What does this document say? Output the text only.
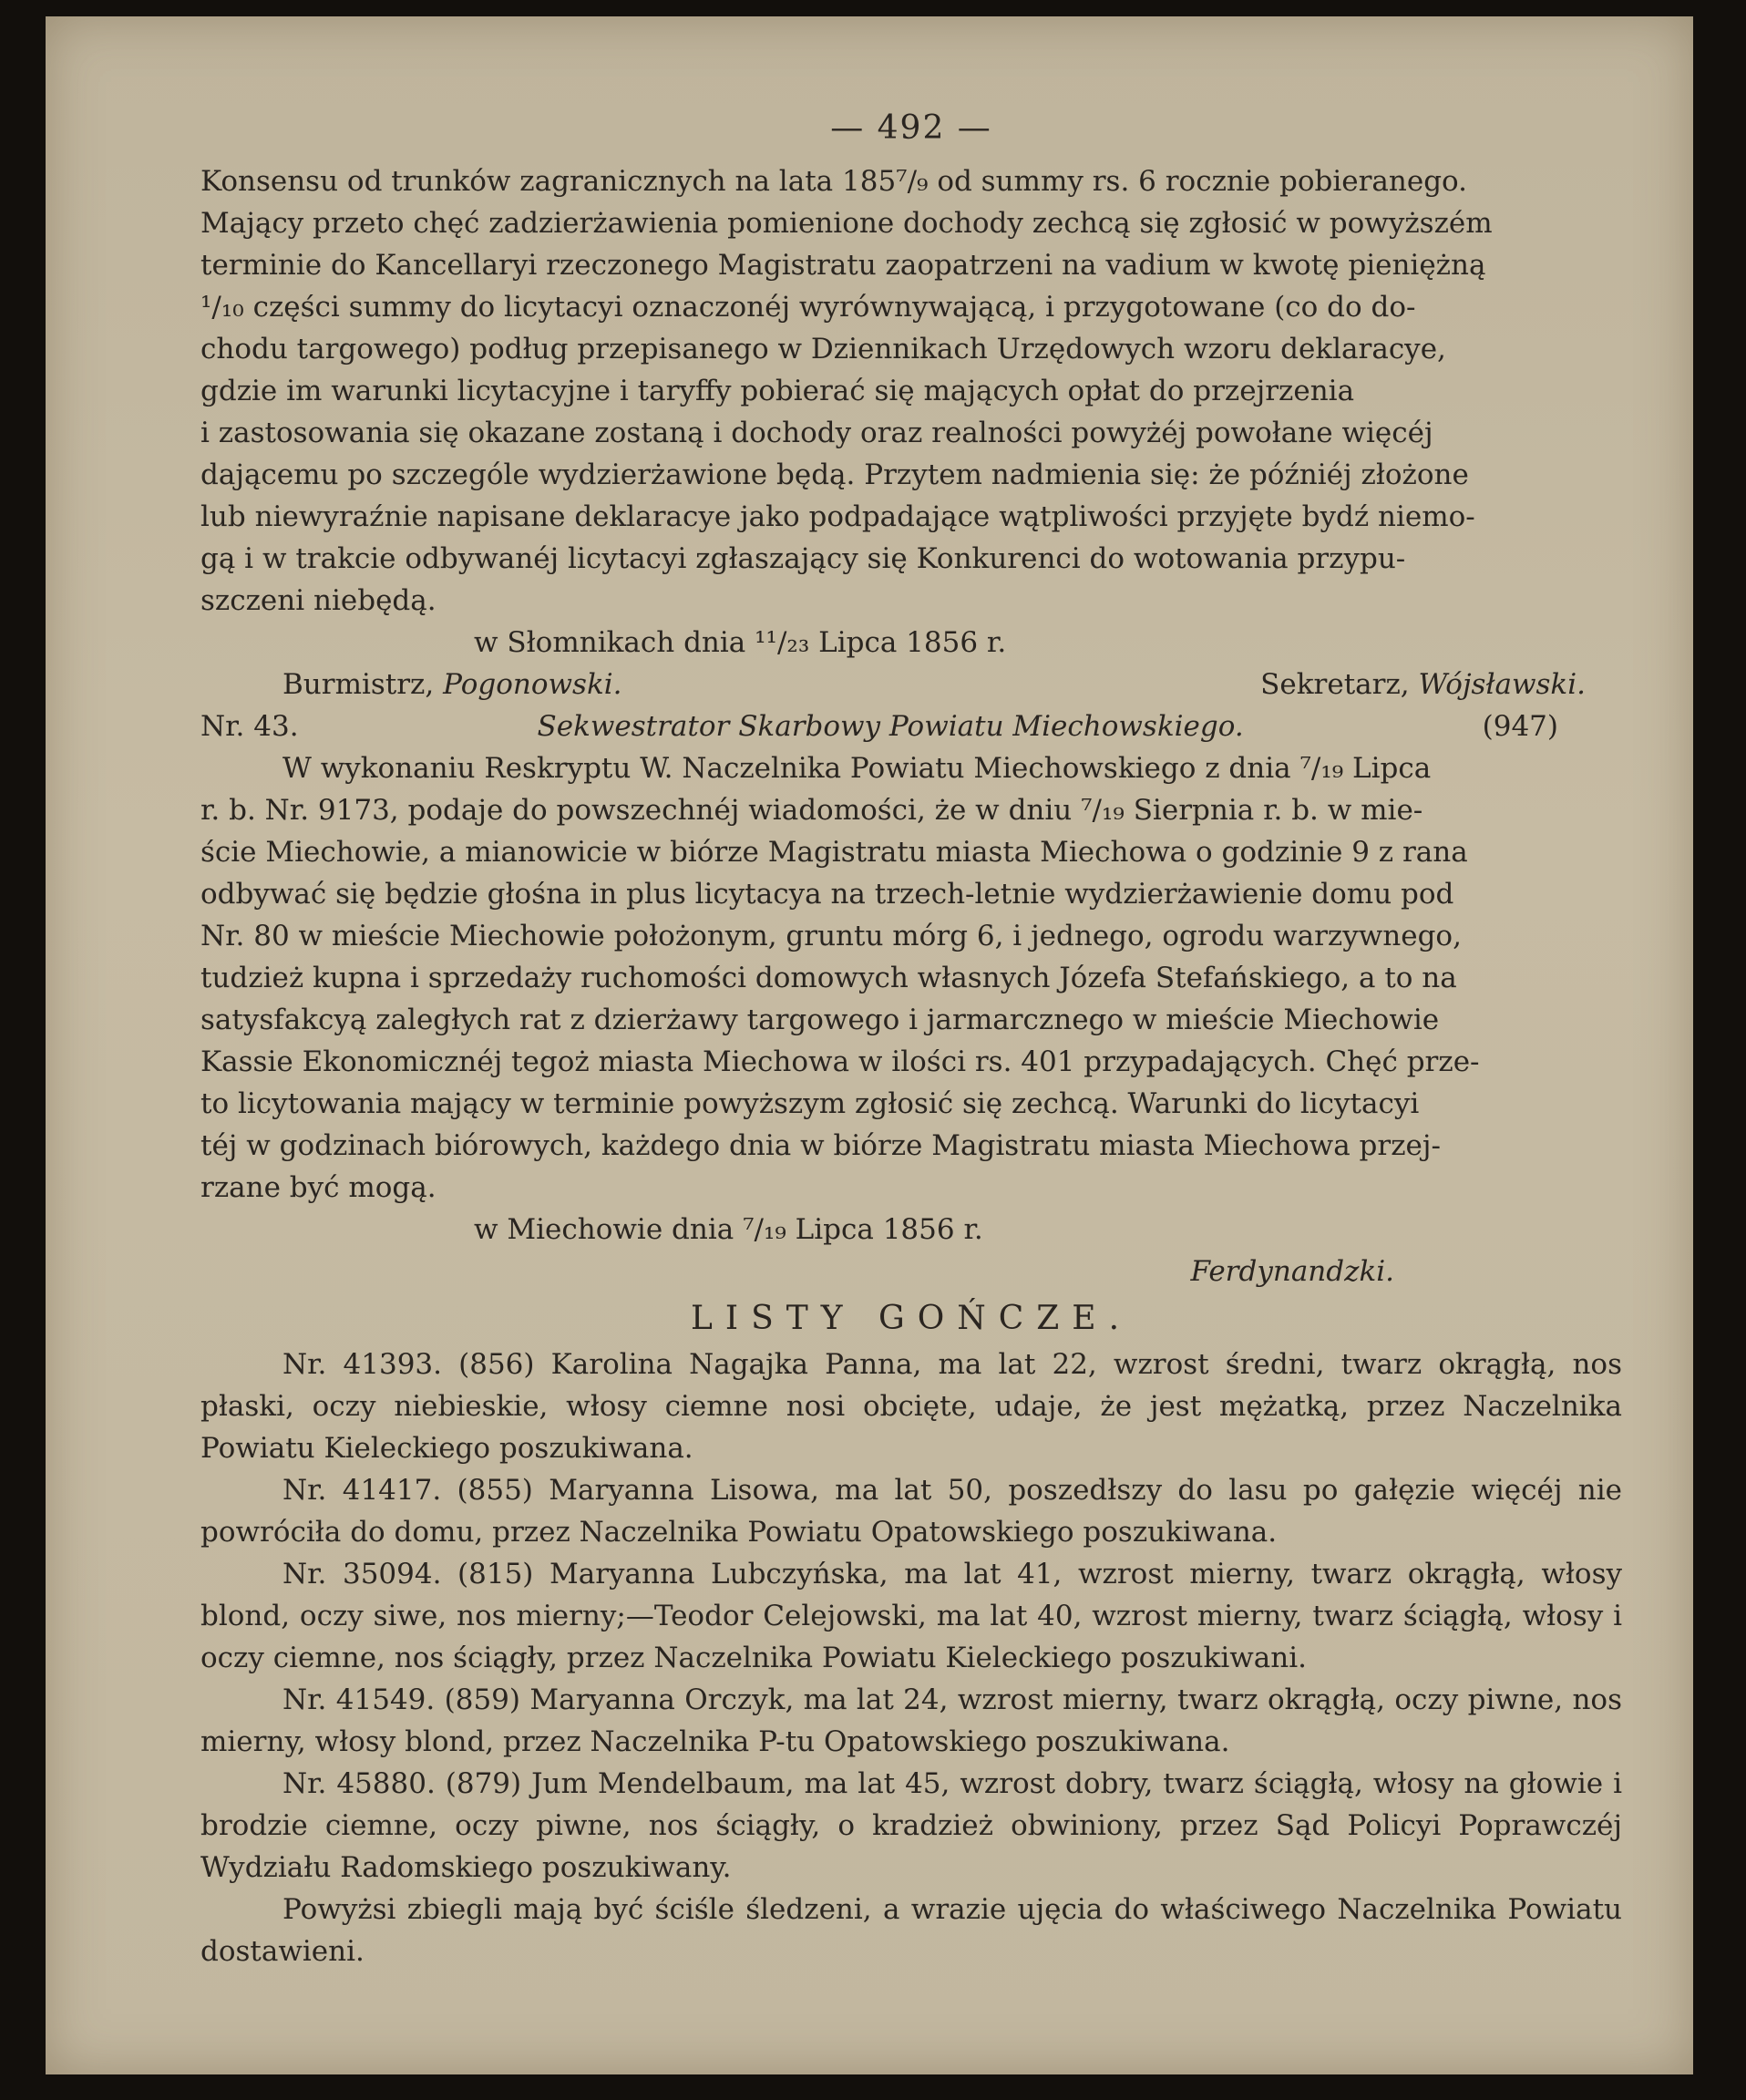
— 492 —

Konsensu od trunków zagranicznych na lata 185⁷/₉ od summy rs. 6 rocznie pobieranego.

Mający przeto chęć zadzierżawienia pomienione dochody zechcą się zgłosić w powyższém

terminie do Kancellaryi rzeczonego Magistratu zaopatrzeni na vadium w kwotę pieniężną

¹/₁₀ części summy do licytacyi oznaczonéj wyrównywającą, i przygotowane (co do do-

chodu targowego) podług przepisanego w Dziennikach Urzędowych wzoru deklaracye,

gdzie im warunki licytacyjne i taryffy pobierać się mających opłat do przejrzenia

i zastosowania się okazane zostaną i dochody oraz realności powyżéj powołane więcéj

dającemu po szczególe wydzierżawione będą. Przytem nadmienia się: że późniéj złożone

lub niewyraźnie napisane deklaracye jako podpadające wątpliwości przyjęte bydź niemo-

gą i w trakcie odbywanéj licytacyi zgłaszający się Konkurenci do wotowania przypu-

szczeni niebędą.

w Słomnikach dnia ¹¹/₂₃ Lipca 1856 r.

Burmistrz, Pogonowski.	Sekretarz, Wójsławski.
Nr. 43.	Sekwestrator Skarbowy Powiatu Miechowskiego.	(947)

W wykonaniu Reskryptu W. Naczelnika Powiatu Miechowskiego z dnia ⁷/₁₉ Lipca

r. b. Nr. 9173, podaje do powszechnéj wiadomości, że w dniu ⁷/₁₉ Sierpnia r. b. w mie-

ście Miechowie, a mianowicie w biórze Magistratu miasta Miechowa o godzinie 9 z rana

odbywać się będzie głośna in plus licytacya na trzech-letnie wydzierżawienie domu pod

Nr. 80 w mieście Miechowie położonym, gruntu mórg 6, i jednego, ogrodu warzywnego,

tudzież kupna i sprzedaży ruchomości domowych własnych Józefa Stefańskiego, a to na

satysfakcyą zaległych rat z dzierżawy targowego i jarmarcznego w mieście Miechowie

Kassie Ekonomicznéj tegoż miasta Miechowa w ilości rs. 401 przypadających. Chęć prze-

to licytowania mający w terminie powyższym zgłosić się zechcą. Warunki do licytacyi

téj w godzinach biórowych, każdego dnia w biórze Magistratu miasta Miechowa przej-

rzane być mogą.

w Miechowie dnia ⁷/₁₉ Lipca 1856 r.

Ferdynandzki.

LISTY GOŃCZE.

Nr. 41393. (856) Karolina Nagajka Panna, ma lat 22, wzrost średni, twarz okrągłą, nos płaski, oczy niebieskie, włosy ciemne nosi obcięte, udaje, że jest mężatką, przez Naczelnika Powiatu Kieleckiego poszukiwana.

Nr. 41417. (855) Maryanna Lisowa, ma lat 50, poszedłszy do lasu po gałęzie więcéj nie powróciła do domu, przez Naczelnika Powiatu Opatowskiego poszukiwana.

Nr. 35094. (815) Maryanna Lubczyńska, ma lat 41, wzrost mierny, twarz okrągłą, włosy blond, oczy siwe, nos mierny;—Teodor Celejowski, ma lat 40, wzrost mierny, twarz ściągłą, włosy i oczy ciemne, nos ściągły, przez Naczelnika Powiatu Kieleckiego poszukiwani.

Nr. 41549. (859) Maryanna Orczyk, ma lat 24, wzrost mierny, twarz okrągłą, oczy piwne, nos mierny, włosy blond, przez Naczelnika P-tu Opatowskiego poszukiwana.

Nr. 45880. (879) Jum Mendelbaum, ma lat 45, wzrost dobry, twarz ściągłą, włosy na głowie i brodzie ciemne, oczy piwne, nos ściągły, o kradzież obwiniony, przez Sąd Policyi Poprawczéj Wydziału Radomskiego poszukiwany.

Powyżsi zbiegli mają być ściśle śledzeni, a wrazie ujęcia do właściwego Naczelnika Powiatu dostawieni.
